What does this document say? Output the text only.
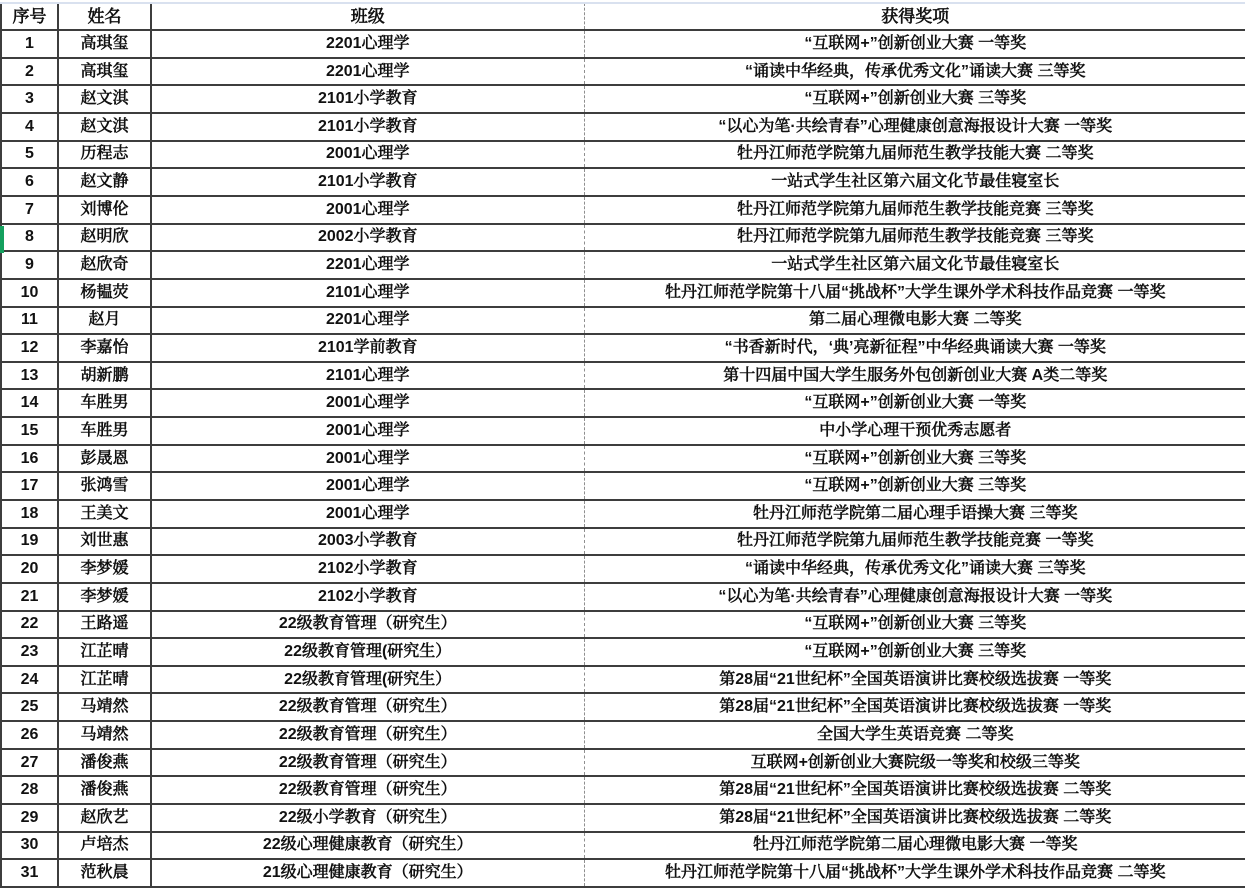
序号	姓名	班级	获得奖项
1	高琪玺	2201心理学	“互联网+”创新创业大赛 一等奖
2	高琪玺	2201心理学	“诵读中华经典，传承优秀文化”诵读大赛 三等奖
3	赵文淇	2101小学教育	“互联网+”创新创业大赛 三等奖
4	赵文淇	2101小学教育	“以心为笔·共绘青春”心理健康创意海报设计大赛 一等奖
5	历程志	2001心理学	牡丹江师范学院第九届师范生教学技能大赛 二等奖
6	赵文静	2101小学教育	一站式学生社区第六届文化节最佳寝室长
7	刘博伦	2001心理学	牡丹江师范学院第九届师范生教学技能竞赛 三等奖
8	赵明欣	2002小学教育	牡丹江师范学院第九届师范生教学技能竞赛 三等奖
9	赵欣奇	2201心理学	一站式学生社区第六届文化节最佳寝室长
10	杨韫荧	2101心理学	牡丹江师范学院第十八届“挑战杯”大学生课外学术科技作品竞赛 一等奖
11	赵月	2201心理学	第二届心理微电影大赛 二等奖
12	李嘉怡	2101学前教育	“书香新时代，‘典’亮新征程”中华经典诵读大赛 一等奖
13	胡新鹏	2101心理学	第十四届中国大学生服务外包创新创业大赛 A类二等奖
14	车胜男	2001心理学	“互联网+”创新创业大赛 一等奖
15	车胜男	2001心理学	中小学心理干预优秀志愿者
16	彭晟恩	2001心理学	“互联网+”创新创业大赛 三等奖
17	张鸿雪	2001心理学	“互联网+”创新创业大赛 三等奖
18	王美文	2001心理学	牡丹江师范学院第二届心理手语操大赛 三等奖
19	刘世惠	2003小学教育	牡丹江师范学院第九届师范生教学技能竞赛 一等奖
20	李梦媛	2102小学教育	“诵读中华经典，传承优秀文化”诵读大赛 三等奖
21	李梦媛	2102小学教育	“以心为笔·共绘青春”心理健康创意海报设计大赛 一等奖
22	王路遥	22级教育管理（研究生）	“互联网+”创新创业大赛 三等奖
23	江芷晴	22级教育管理(研究生）	“互联网+”创新创业大赛 三等奖
24	江芷晴	22级教育管理(研究生）	第28届“21世纪杯”全国英语演讲比赛校级选拔赛 一等奖
25	马靖然	22级教育管理（研究生）	第28届“21世纪杯”全国英语演讲比赛校级选拔赛 一等奖
26	马靖然	22级教育管理（研究生）	全国大学生英语竞赛 二等奖
27	潘俊燕	22级教育管理（研究生）	互联网+创新创业大赛院级一等奖和校级三等奖
28	潘俊燕	22级教育管理（研究生）	第28届“21世纪杯”全国英语演讲比赛校级选拔赛 二等奖
29	赵欣艺	22级小学教育（研究生）	第28届“21世纪杯”全国英语演讲比赛校级选拔赛 二等奖
30	卢培杰	22级心理健康教育（研究生）	牡丹江师范学院第二届心理微电影大赛 一等奖
31	范秋晨	21级心理健康教育（研究生）	牡丹江师范学院第十八届“挑战杯”大学生课外学术科技作品竞赛 二等奖
